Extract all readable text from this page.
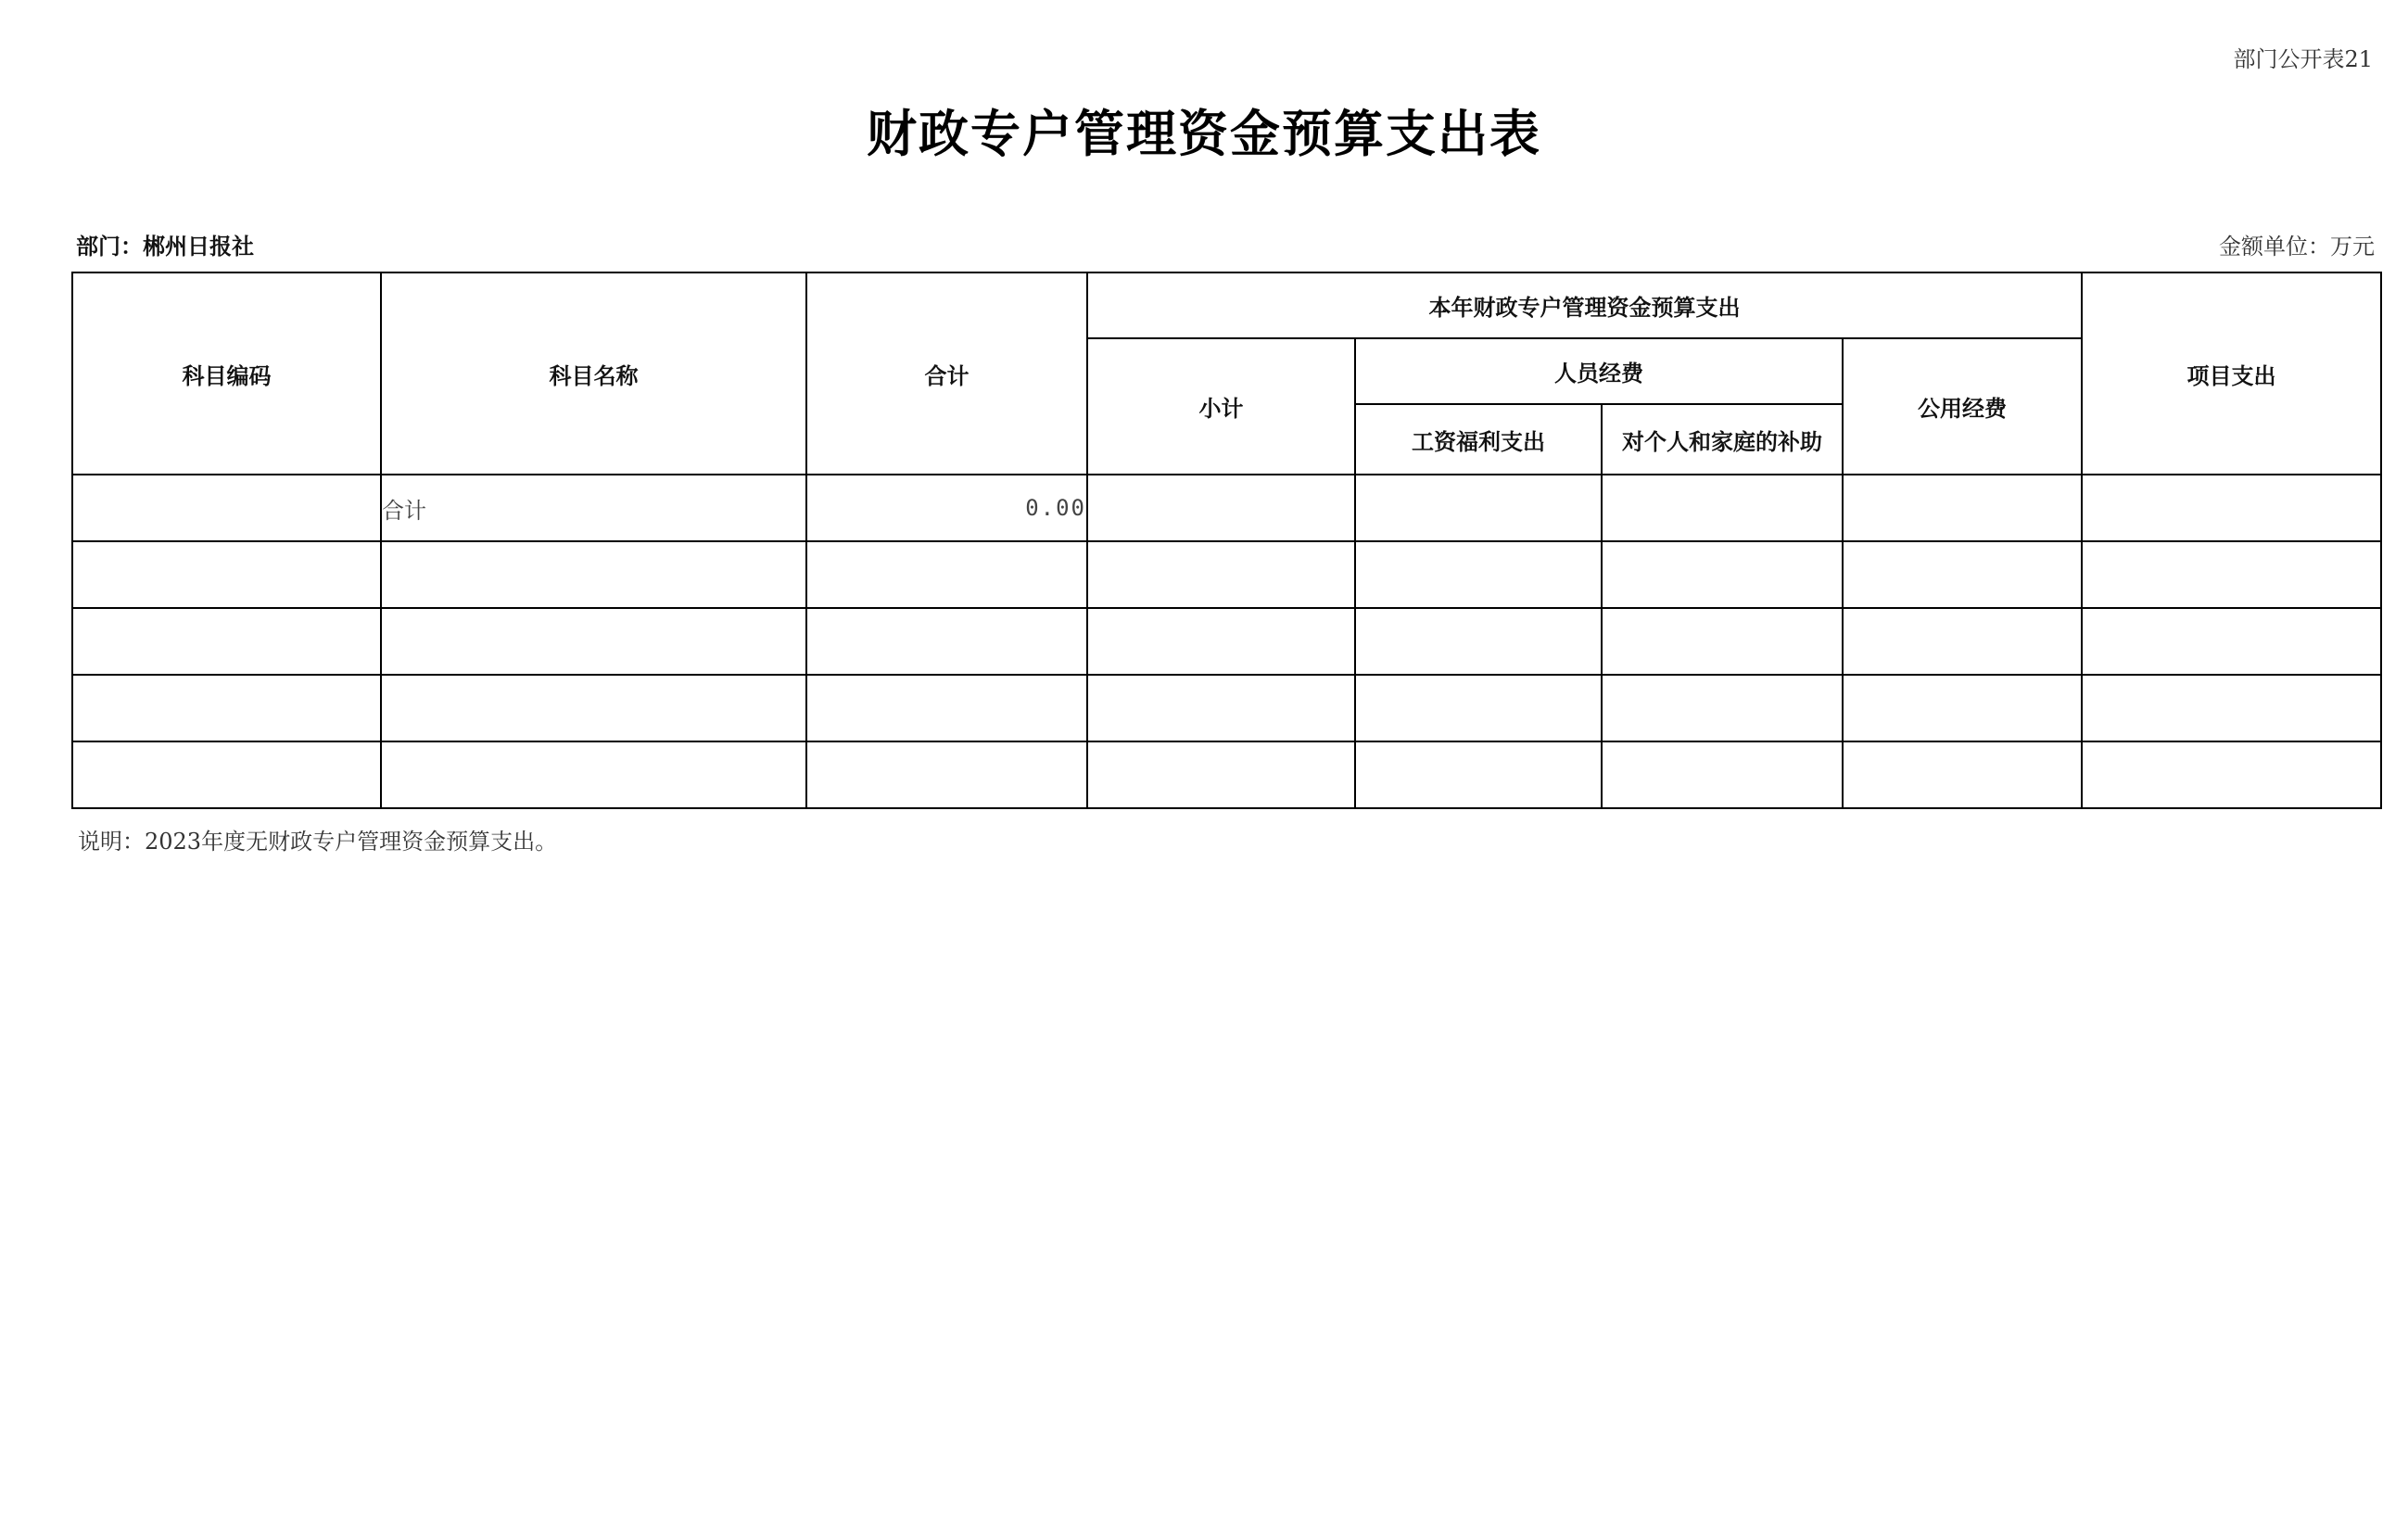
部门公开表21
财政专户管理资金预算支出表
部门：郴州日报社	金额单位：万元
科目编码	科目名称	合计	本年财政专户管理资金预算支出				项目支出
			小计	人员经费		公用经费	
				工资福利支出	对个人和家庭的补助		
	合计	0.00					

说明：2023年度无财政专户管理资金预算支出。
